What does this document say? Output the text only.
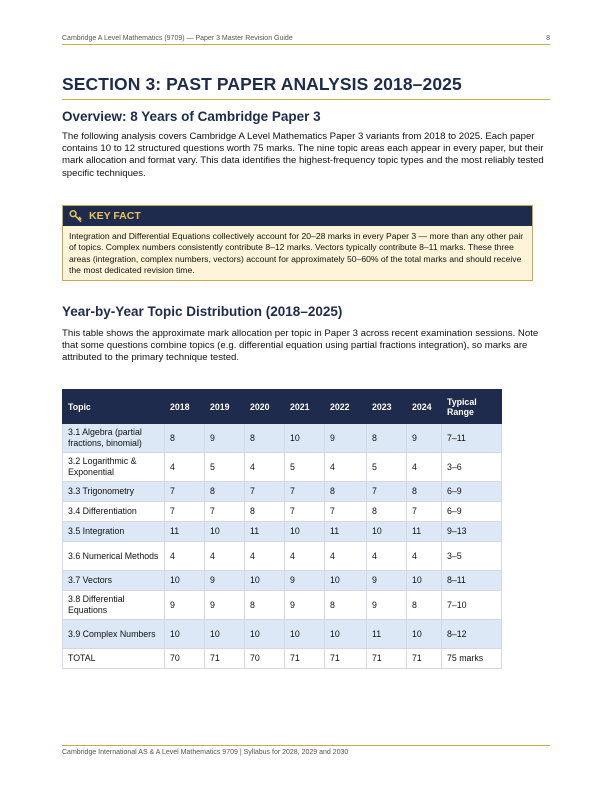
Cambridge A Level Mathematics (9709) — Paper 3 Master Revision Guide	8
SECTION 3: PAST PAPER ANALYSIS 2018–2025
Overview: 8 Years of Cambridge Paper 3

The following analysis covers Cambridge A Level Mathematics Paper 3 variants from 2018 to 2025. Each paper contains 10 to 12 structured questions worth 75 marks. The nine topic areas each appear in every paper, but their mark allocation and format vary. This data identifies the highest-frequency topic types and the most reliably tested specific techniques.

KEY FACT
Integration and Differential Equations collectively account for 20–28 marks in every Paper 3 — more than any other pair of topics. Complex numbers consistently contribute 8–12 marks. Vectors typically contribute 8–11 marks. These three areas (integration, complex numbers, vectors) account for approximately 50–60% of the total marks and should receive the most dedicated revision time.
Year-by-Year Topic Distribution (2018–2025)

This table shows the approximate mark allocation per topic in Paper 3 across recent examination sessions. Note that some questions combine topics (e.g. differential equation using partial fractions integration), so marks are attributed to the primary technique tested.

Topic	2018	2019	2020	2021	2022	2023	2024	Typical Range
3.1 Algebra (partial fractions, binomial)	8	9	8	10	9	8	9	7–11
3.2 Logarithmic & Exponential	4	5	4	5	4	5	4	3–6
3.3 Trigonometry	7	8	7	7	8	7	8	6–9
3.4 Differentiation	7	7	8	7	7	8	7	6–9
3.5 Integration	11	10	11	10	11	10	11	9–13
3.6 Numerical Methods	4	4	4	4	4	4	4	3–5
3.7 Vectors	10	9	10	9	10	9	10	8–11
3.8 Differential Equations	9	9	8	9	8	9	8	7–10
3.9 Complex Numbers	10	10	10	10	10	11	10	8–12
TOTAL	70	71	70	71	71	71	71	75 marks
Cambridge International AS & A Level Mathematics 9709 | Syllabus for 2028, 2029 and 2030
